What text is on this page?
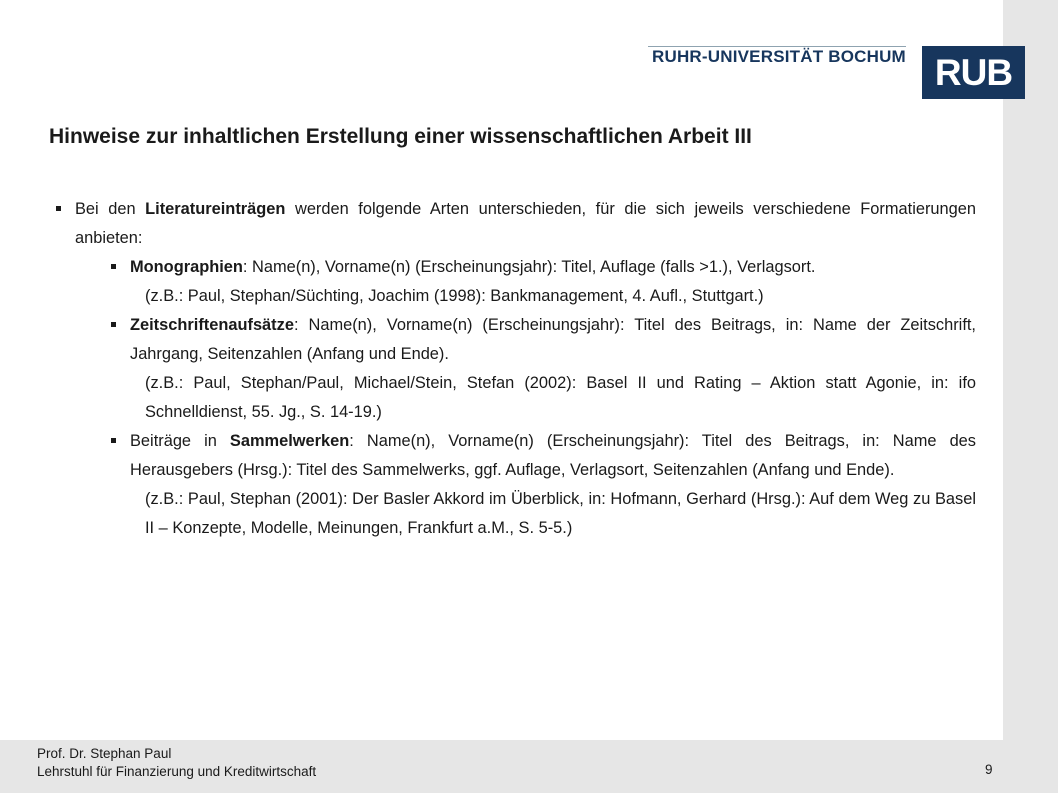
RUHR-UNIVERSITÄT BOCHUM RUB
Hinweise zur inhaltlichen Erstellung einer wissenschaftlichen Arbeit III

Bei den Literatureinträgen werden folgende Arten unterschieden, für die sich jeweils verschiedene Formatierungen anbieten:

Monographien: Name(n), Vorname(n) (Erscheinungsjahr): Titel, Auflage (falls >1.), Verlagsort.

(z.B.: Paul, Stephan/Süchting, Joachim (1998): Bankmanagement, 4. Aufl., Stuttgart.)

Zeitschriftenaufsätze: Name(n), Vorname(n) (Erscheinungsjahr): Titel des Beitrags, in: Name der Zeitschrift, Jahrgang, Seitenzahlen (Anfang und Ende).

(z.B.: Paul, Stephan/Paul, Michael/Stein, Stefan (2002): Basel II und Rating – Aktion statt Agonie, in: ifo Schnelldienst, 55. Jg., S. 14-19.)

Beiträge in Sammelwerken: Name(n), Vorname(n) (Erscheinungsjahr): Titel des Beitrags, in: Name des Herausgebers (Hrsg.): Titel des Sammelwerks, ggf. Auflage, Verlagsort, Seitenzahlen (Anfang und Ende).

(z.B.: Paul, Stephan (2001): Der Basler Akkord im Überblick, in: Hofmann, Gerhard (Hrsg.): Auf dem Weg zu Basel II – Konzepte, Modelle, Meinungen, Frankfurt a.M., S. 5-5.)

Prof. Dr. Stephan Paul
Lehrstuhl für Finanzierung und Kreditwirtschaft	9
